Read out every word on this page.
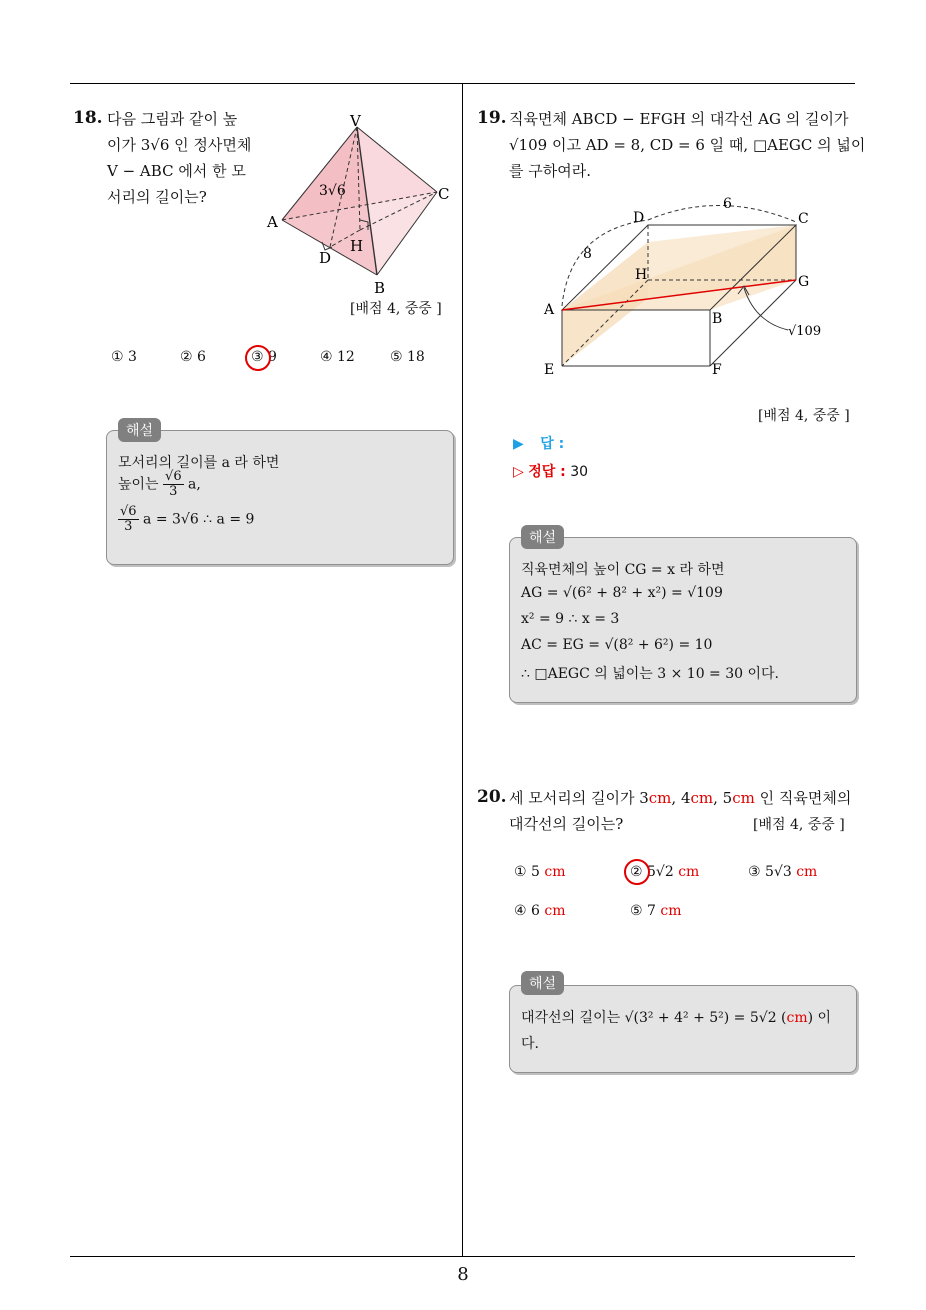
18. 다음 그림과 같이 높
이가 3√6 인 정사면체
V − ABC 에서 한 모
서리의 길이는?
V
A
C
B
D
H
3√6
[배점 4, 중중 ]
① 3	② 6	③ 9	④ 12	⑤ 18
해설
모서리의 길이를 a 라 하면
높이는 $\frac{√6}{3} a$,
$\frac{√6}{3}$ a = 3√6 ∴ a = 9
19. 직육면체 ABCD − EFGH 의 대각선 AG 의 길이가
√109 이고 AD = 8, CD = 6 일 때, □AEGC 의 넓이
를 구하여라.
D	C
H	G
A
B
E	F
6
8
√109
[배점 4, 중중 ]
▶ 답 :
▷ 정답 : 30
해설
직육면체의 높이 CG = x 라 하면
AG = √(6² + 8² + x²) = √109
x² = 9 ∴ x = 3
AC = EG = √(8² + 6²) = 10
∴ □AEGC 의 넓이는 3 × 10 = 30 이다.
20. 세 모서리의 길이가 3cm, 4cm, 5cm 인 직육면체의
대각선의 길이는?	[배점 4, 중중 ]
① 5 cm	② 5√2 cm	③ 5√3 cm
④ 6 cm	⑤ 7 cm
해설
대각선의 길이는 √(3² + 4² + 5²) = 5√2 (cm) 이
다.
8
